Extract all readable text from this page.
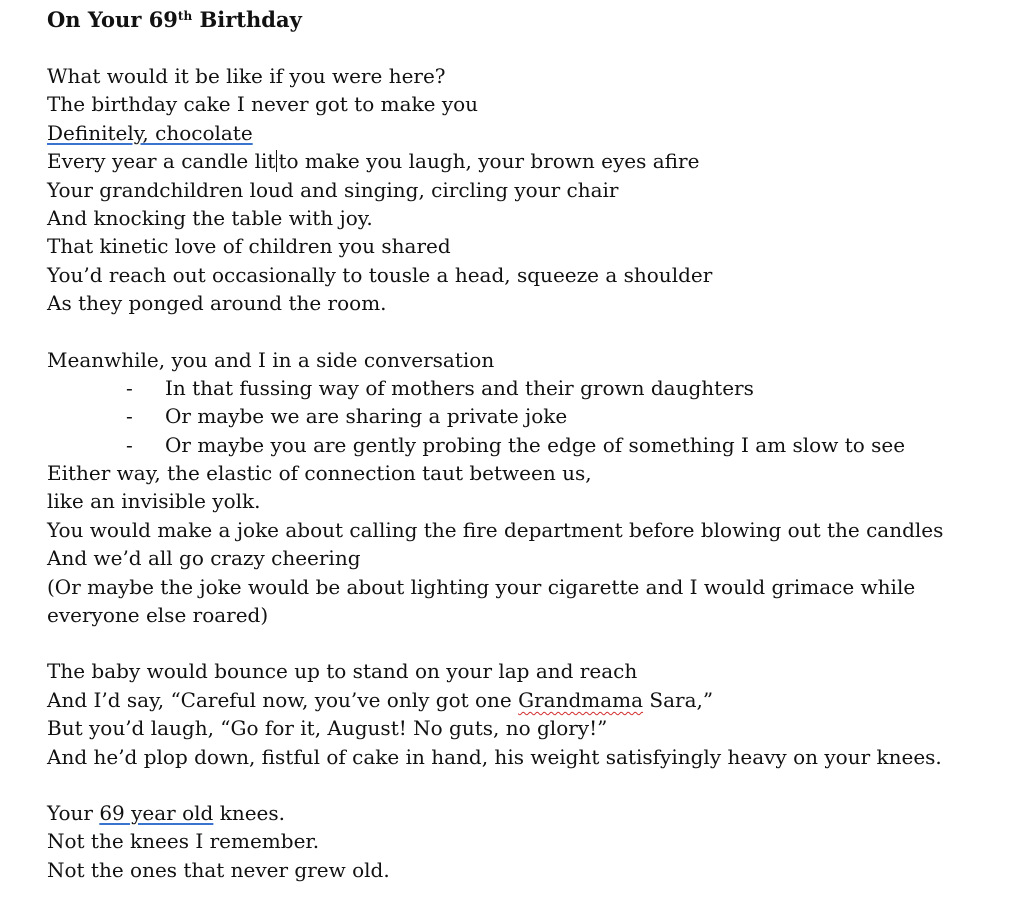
On Your 69th Birthday
What would it be like if you were here?
The birthday cake I never got to make you
Definitely, chocolate
Every year a candle lit to make you laugh, your brown eyes afire
Your grandchildren loud and singing, circling your chair
And knocking the table with joy.
That kinetic love of children you shared
You’d reach out occasionally to tousle a head, squeeze a shoulder
As they ponged around the room.
Meanwhile, you and I in a side conversation
-	In that fussing way of mothers and their grown daughters
-	Or maybe we are sharing a private joke
-	Or maybe you are gently probing the edge of something I am slow to see
Either way, the elastic of connection taut between us,
like an invisible yolk.
You would make a joke about calling the fire department before blowing out the candles
And we’d all go crazy cheering
(Or maybe the joke would be about lighting your cigarette and I would grimace while
everyone else roared)
The baby would bounce up to stand on your lap and reach
And I’d say, “Careful now, you’ve only got one Grandmama Sara,”
But you’d laugh, “Go for it, August! No guts, no glory!”
And he’d plop down, fistful of cake in hand, his weight satisfyingly heavy on your knees.
Your 69 year old knees.
Not the knees I remember.
Not the ones that never grew old.
